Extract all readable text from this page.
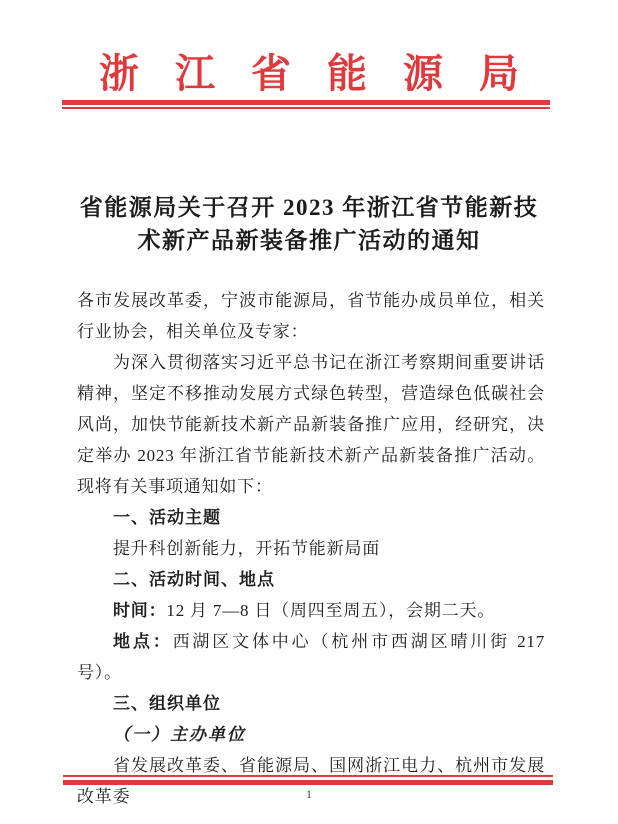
浙江省能源局
省能源局关于召开 2023 年浙江省节能新技
术新产品新装备推广活动的通知

各市发展改革委，宁波市能源局，省节能办成员单位，相关行业协会，相关单位及专家：

为深入贯彻落实习近平总书记在浙江考察期间重要讲话精神，坚定不移推动发展方式绿色转型，营造绿色低碳社会风尚，加快节能新技术新产品新装备推广应用，经研究，决定举办 2023 年浙江省节能新技术新产品新装备推广活动。现将有关事项通知如下：

一、活动主题

提升科创新能力，开拓节能新局面

二、活动时间、地点

时间：12 月 7—8 日（周四至周五），会期二天。

地点：西湖区文体中心（杭州市西湖区晴川街 217 号）。

三、组织单位

（一）主办单位

省发展改革委、省能源局、国网浙江电力、杭州市发展改革委	1
